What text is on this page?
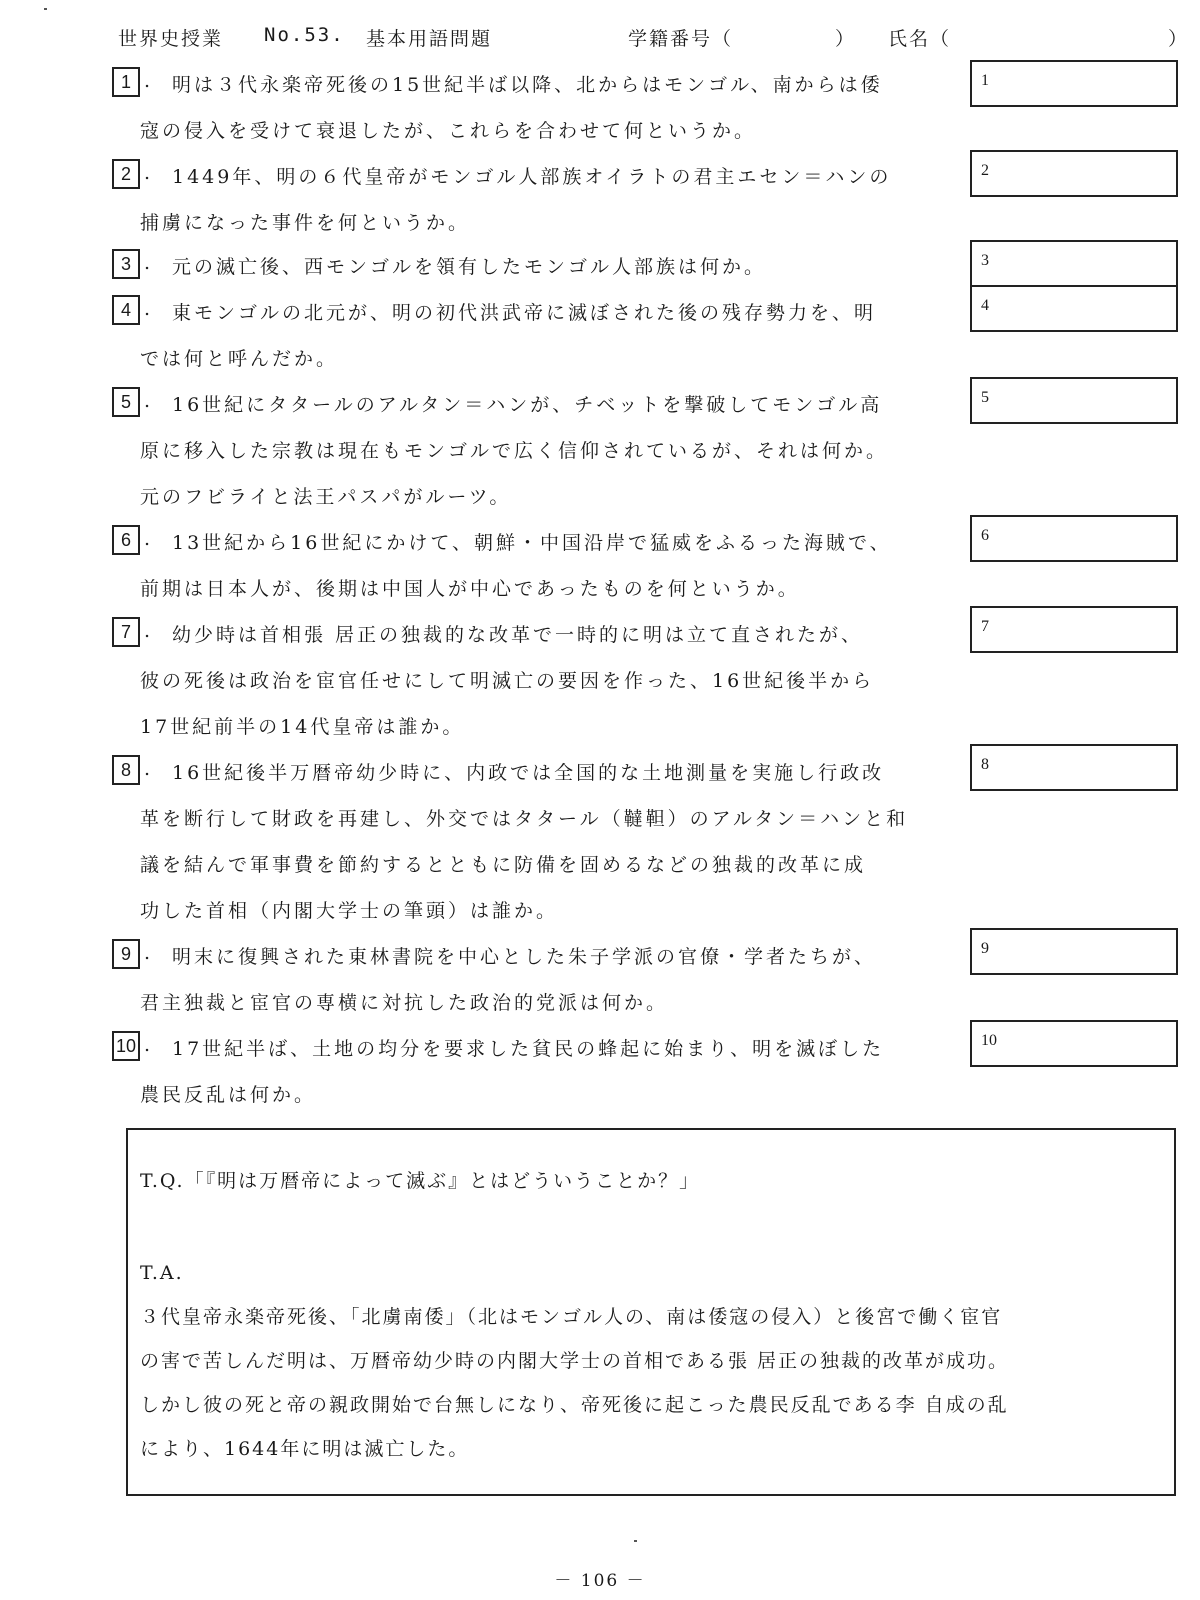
世界史授業 No.53. 基本用語問題	学籍番号（	） 氏名（	）
1 . 明は３代永楽帝死後の15世紀半ば以降、北からはモンゴル、南からは倭
寇の侵入を受けて衰退したが、これらを合わせて何というか。
1
2 . 1449年、明の６代皇帝がモンゴル人部族オイラトの君主エセン＝ハンの
捕虜になった事件を何というか。
2
3 . 元の滅亡後、西モンゴルを領有したモンゴル人部族は何か。	3
4 . 東モンゴルの北元が、明の初代洪武帝に滅ぼされた後の残存勢力を、明
では何と呼んだか。
4
5 . 16世紀にタタールのアルタン＝ハンが、チベットを撃破してモンゴル高
原に移入した宗教は現在もモンゴルで広く信仰されているが、それは何か。
元のフビライと法王パスパがルーツ。
5
6 . 13世紀から16世紀にかけて、朝鮮・中国沿岸で猛威をふるった海賊で、
前期は日本人が、後期は中国人が中心であったものを何というか。
6
7 . 幼少時は首相張 居正の独裁的な改革で一時的に明は立て直されたが、
彼の死後は政治を宦官任せにして明滅亡の要因を作った、16世紀後半から
17世紀前半の14代皇帝は誰か。
7
8 . 16世紀後半万暦帝幼少時に、内政では全国的な土地測量を実施し行政改
革を断行して財政を再建し、外交ではタタール（韃靼）のアルタン＝ハンと和
議を結んで軍事費を節約するとともに防備を固めるなどの独裁的改革に成
功した首相（内閣大学士の筆頭）は誰か。
8
9 . 明末に復興された東林書院を中心とした朱子学派の官僚・学者たちが、
君主独裁と宦官の専横に対抗した政治的党派は何か。
9
10 . 17世紀半ば、土地の均分を要求した貧民の蜂起に始まり、明を滅ぼした
農民反乱は何か。
10
T.Q.「『明は万暦帝によって滅ぶ』とはどういうことか？」
T.A.
３代皇帝永楽帝死後、「北虜南倭」（北はモンゴル人の、南は倭寇の侵入）と後宮で働く宦官
の害で苦しんだ明は、万暦帝幼少時の内閣大学士の首相である張 居正の独裁的改革が成功。
しかし彼の死と帝の親政開始で台無しになり、帝死後に起こった農民反乱である李 自成の乱
により、1644年に明は滅亡した。
－ 106 －
